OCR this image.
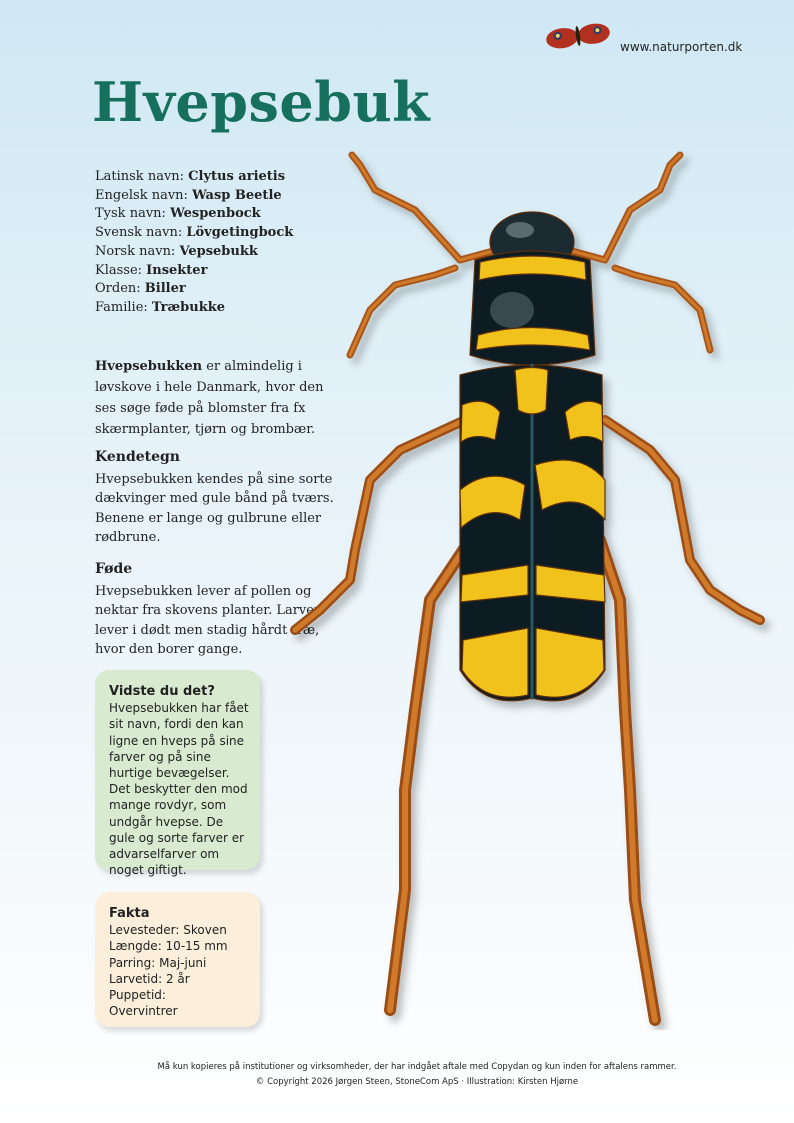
www.naturporten.dk
Hvepsebuk
Latinsk navn: Clytus arietis
Engelsk navn: Wasp Beetle
Tysk navn: Wespenbock
Svensk navn: Lövgetingbock
Norsk navn: Vepsebukk
Klasse: Insekter
Orden: Biller
Familie: Træbukke

Hvepsebukken er almindelig i løvskove i hele Danmark, hvor den ses søge føde på blomster fra fx skærmplanter, tjørn og brombær.

Kendetegn

Hvepsebukken kendes på sine sorte dækvinger med gule bånd på tværs. Benene er lange og gulbrune eller rødbrune.

Føde

Hvepsebukken lever af pollen og nektar fra skovens planter. Larven lever i dødt men stadig hårdt træ, hvor den borer gange.

Vidste du det?

Hvepsebukken har fået sit navn, fordi den kan ligne en hveps på sine farver og på sine hurtige bevægelser. Det beskytter den mod mange rovdyr, som undgår hvepse. De gule og sorte farver er advarselfarver om noget giftigt.

Fakta
Levesteder: Skoven
Længde: 10-15 mm
Parring: Maj-juni
Larvetid: 2 år
Puppetid:
Overvintrer
Må kun kopieres på institutioner og virksomheder, der har indgået aftale med Copydan og kun inden for aftalens rammer.
© Copyright 2026 Jørgen Steen, StoneCom ApS · Illustration: Kirsten Hjørne
